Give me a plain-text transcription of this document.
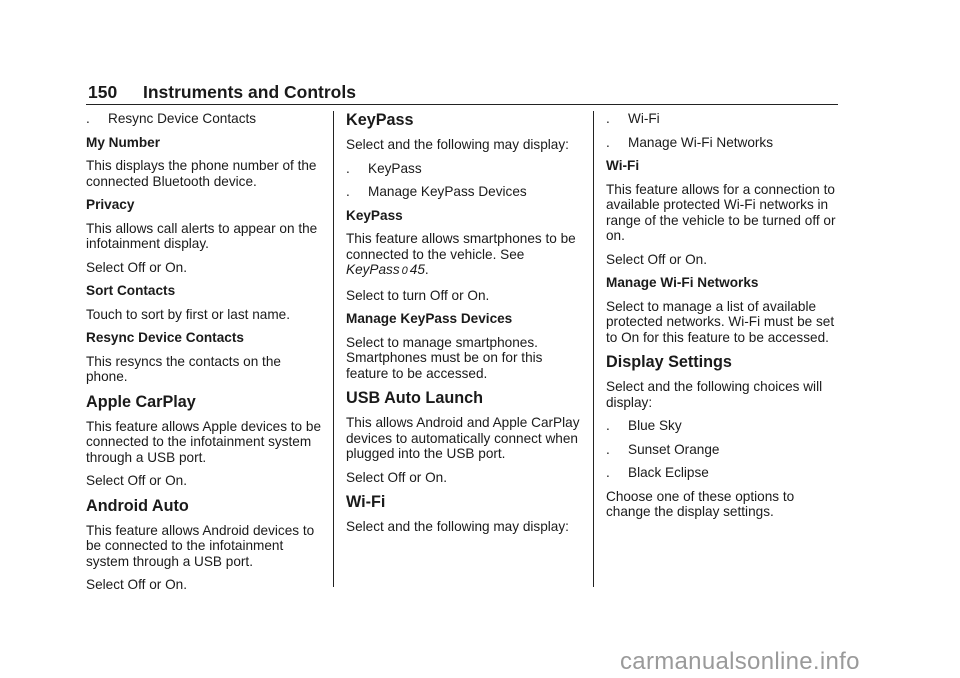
150 Instruments and Controls
. Resync Device Contacts
My Number
This displays the phone number of the connected Bluetooth device.
Privacy
This allows call alerts to appear on the infotainment display.
Select Off or On.
Sort Contacts
Touch to sort by first or last name.
Resync Device Contacts
This resyncs the contacts on the phone.
Apple CarPlay
This feature allows Apple devices to be connected to the infotainment system through a USB port.
Select Off or On.
Android Auto
This feature allows Android devices to be connected to the infotainment system through a USB port.
Select Off or On.
KeyPass
Select and the following may display:
. KeyPass
. Manage KeyPass Devices
KeyPass
This feature allows smartphones to be connected to the vehicle. See KeyPass 0 45.
Select to turn Off or On.
Manage KeyPass Devices
Select to manage smartphones. Smartphones must be on for this feature to be accessed.
USB Auto Launch
This allows Android and Apple CarPlay devices to automatically connect when plugged into the USB port.
Select Off or On.
Wi-Fi
Select and the following may display:
. Wi-Fi
. Manage Wi-Fi Networks
Wi-Fi
This feature allows for a connection to available protected Wi-Fi networks in range of the vehicle to be turned off or on.
Select Off or On.
Manage Wi-Fi Networks
Select to manage a list of available protected networks. Wi-Fi must be set to On for this feature to be accessed.
Display Settings
Select and the following choices will display:
. Blue Sky
. Sunset Orange
. Black Eclipse
Choose one of these options to change the display settings.
carmanualsonline.info
